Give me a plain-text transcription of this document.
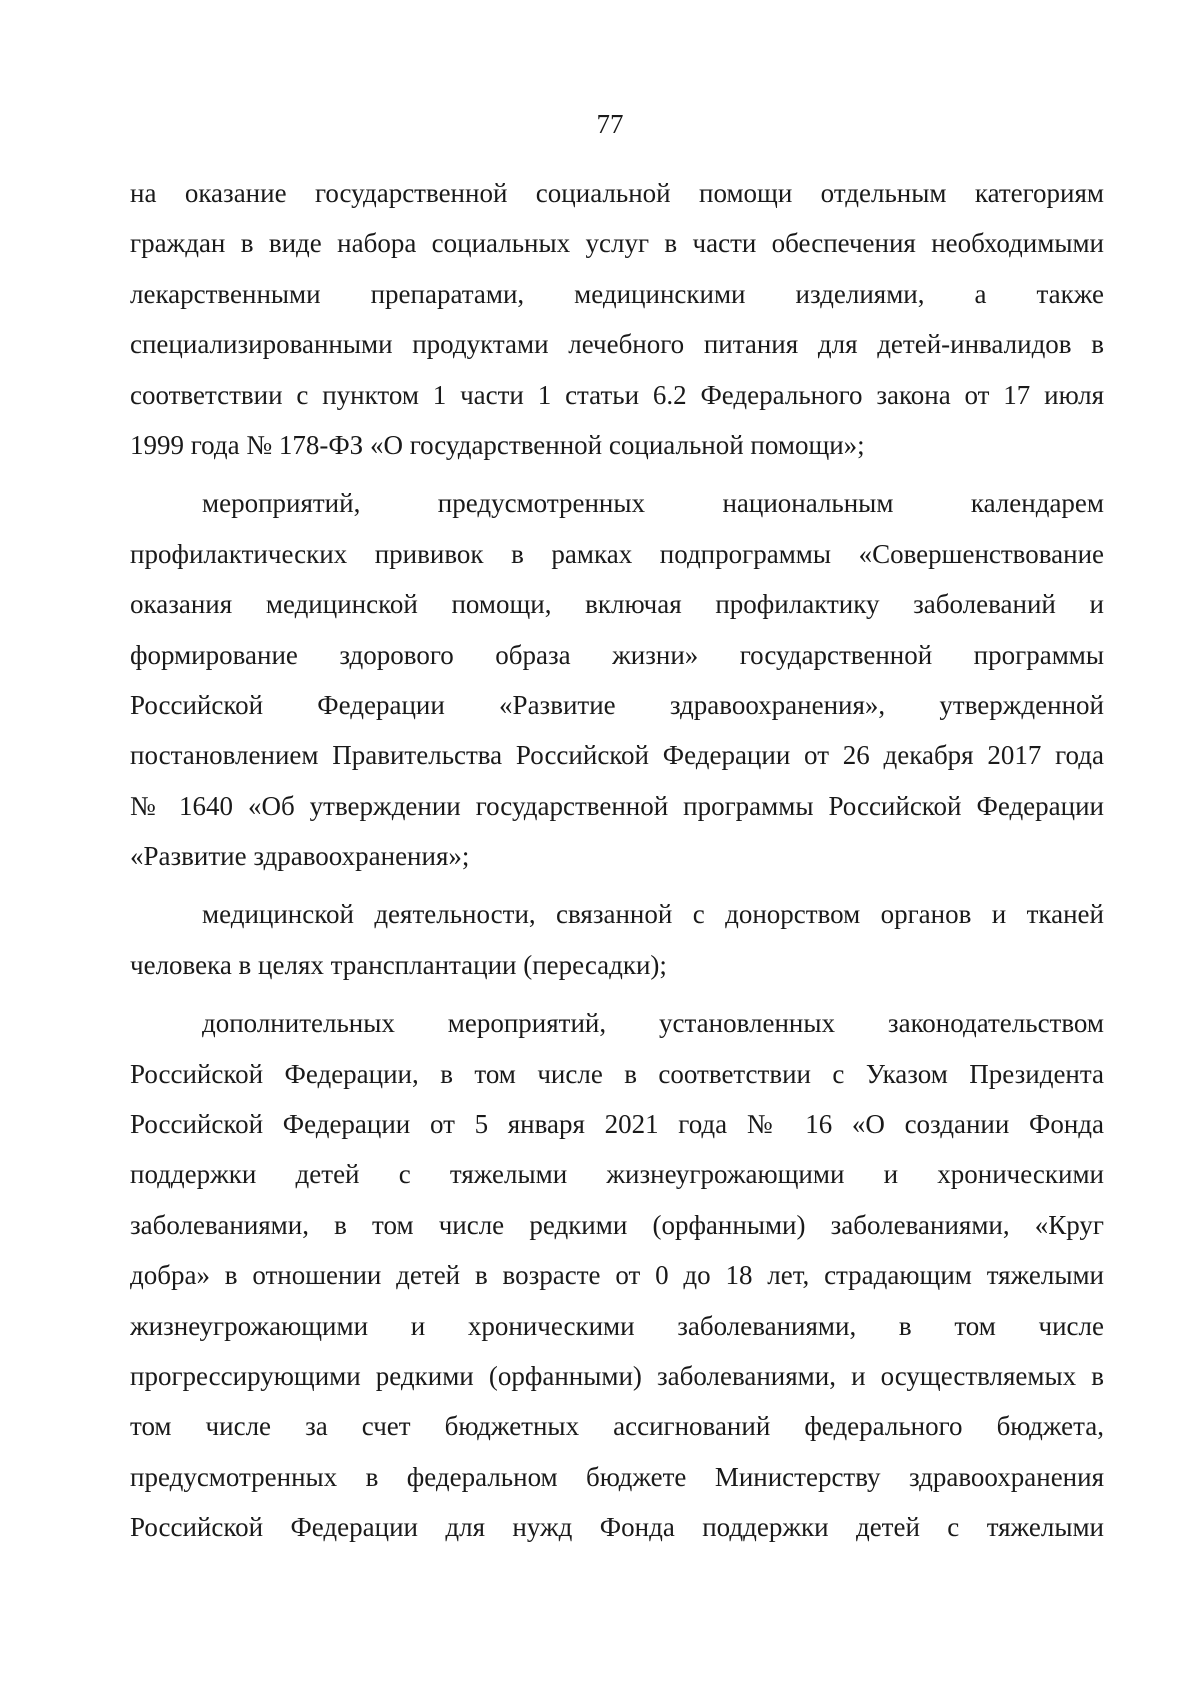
77
на оказание государственной социальной помощи отдельным категориям
граждан в виде набора социальных услуг в части обеспечения необходимыми
лекарственными препаратами, медицинскими изделиями, а также
специализированными продуктами лечебного питания для детей-инвалидов в
соответствии с пунктом 1 части 1 статьи 6.2 Федерального закона от 17 июля
1999 года № 178-ФЗ «О государственной социальной помощи»;
мероприятий, предусмотренных национальным календарем
профилактических прививок в рамках подпрограммы «Совершенствование
оказания медицинской помощи, включая профилактику заболеваний и
формирование здорового образа жизни» государственной программы
Российской Федерации «Развитие здравоохранения», утвержденной
постановлением Правительства Российской Федерации от 26 декабря 2017 года
№ 1640 «Об утверждении государственной программы Российской Федерации
«Развитие здравоохранения»;
медицинской деятельности, связанной с донорством органов и тканей
человека в целях трансплантации (пересадки);
дополнительных мероприятий, установленных законодательством
Российской Федерации, в том числе в соответствии с Указом Президента
Российской Федерации от 5 января 2021 года № 16 «О создании Фонда
поддержки детей с тяжелыми жизнеугрожающими и хроническими
заболеваниями, в том числе редкими (орфанными) заболеваниями, «Круг
добра» в отношении детей в возрасте от 0 до 18 лет, страдающим тяжелыми
жизнеугрожающими и хроническими заболеваниями, в том числе
прогрессирующими редкими (орфанными) заболеваниями, и осуществляемых в
том числе за счет бюджетных ассигнований федерального бюджета,
предусмотренных в федеральном бюджете Министерству здравоохранения
Российской Федерации для нужд Фонда поддержки детей с тяжелыми
